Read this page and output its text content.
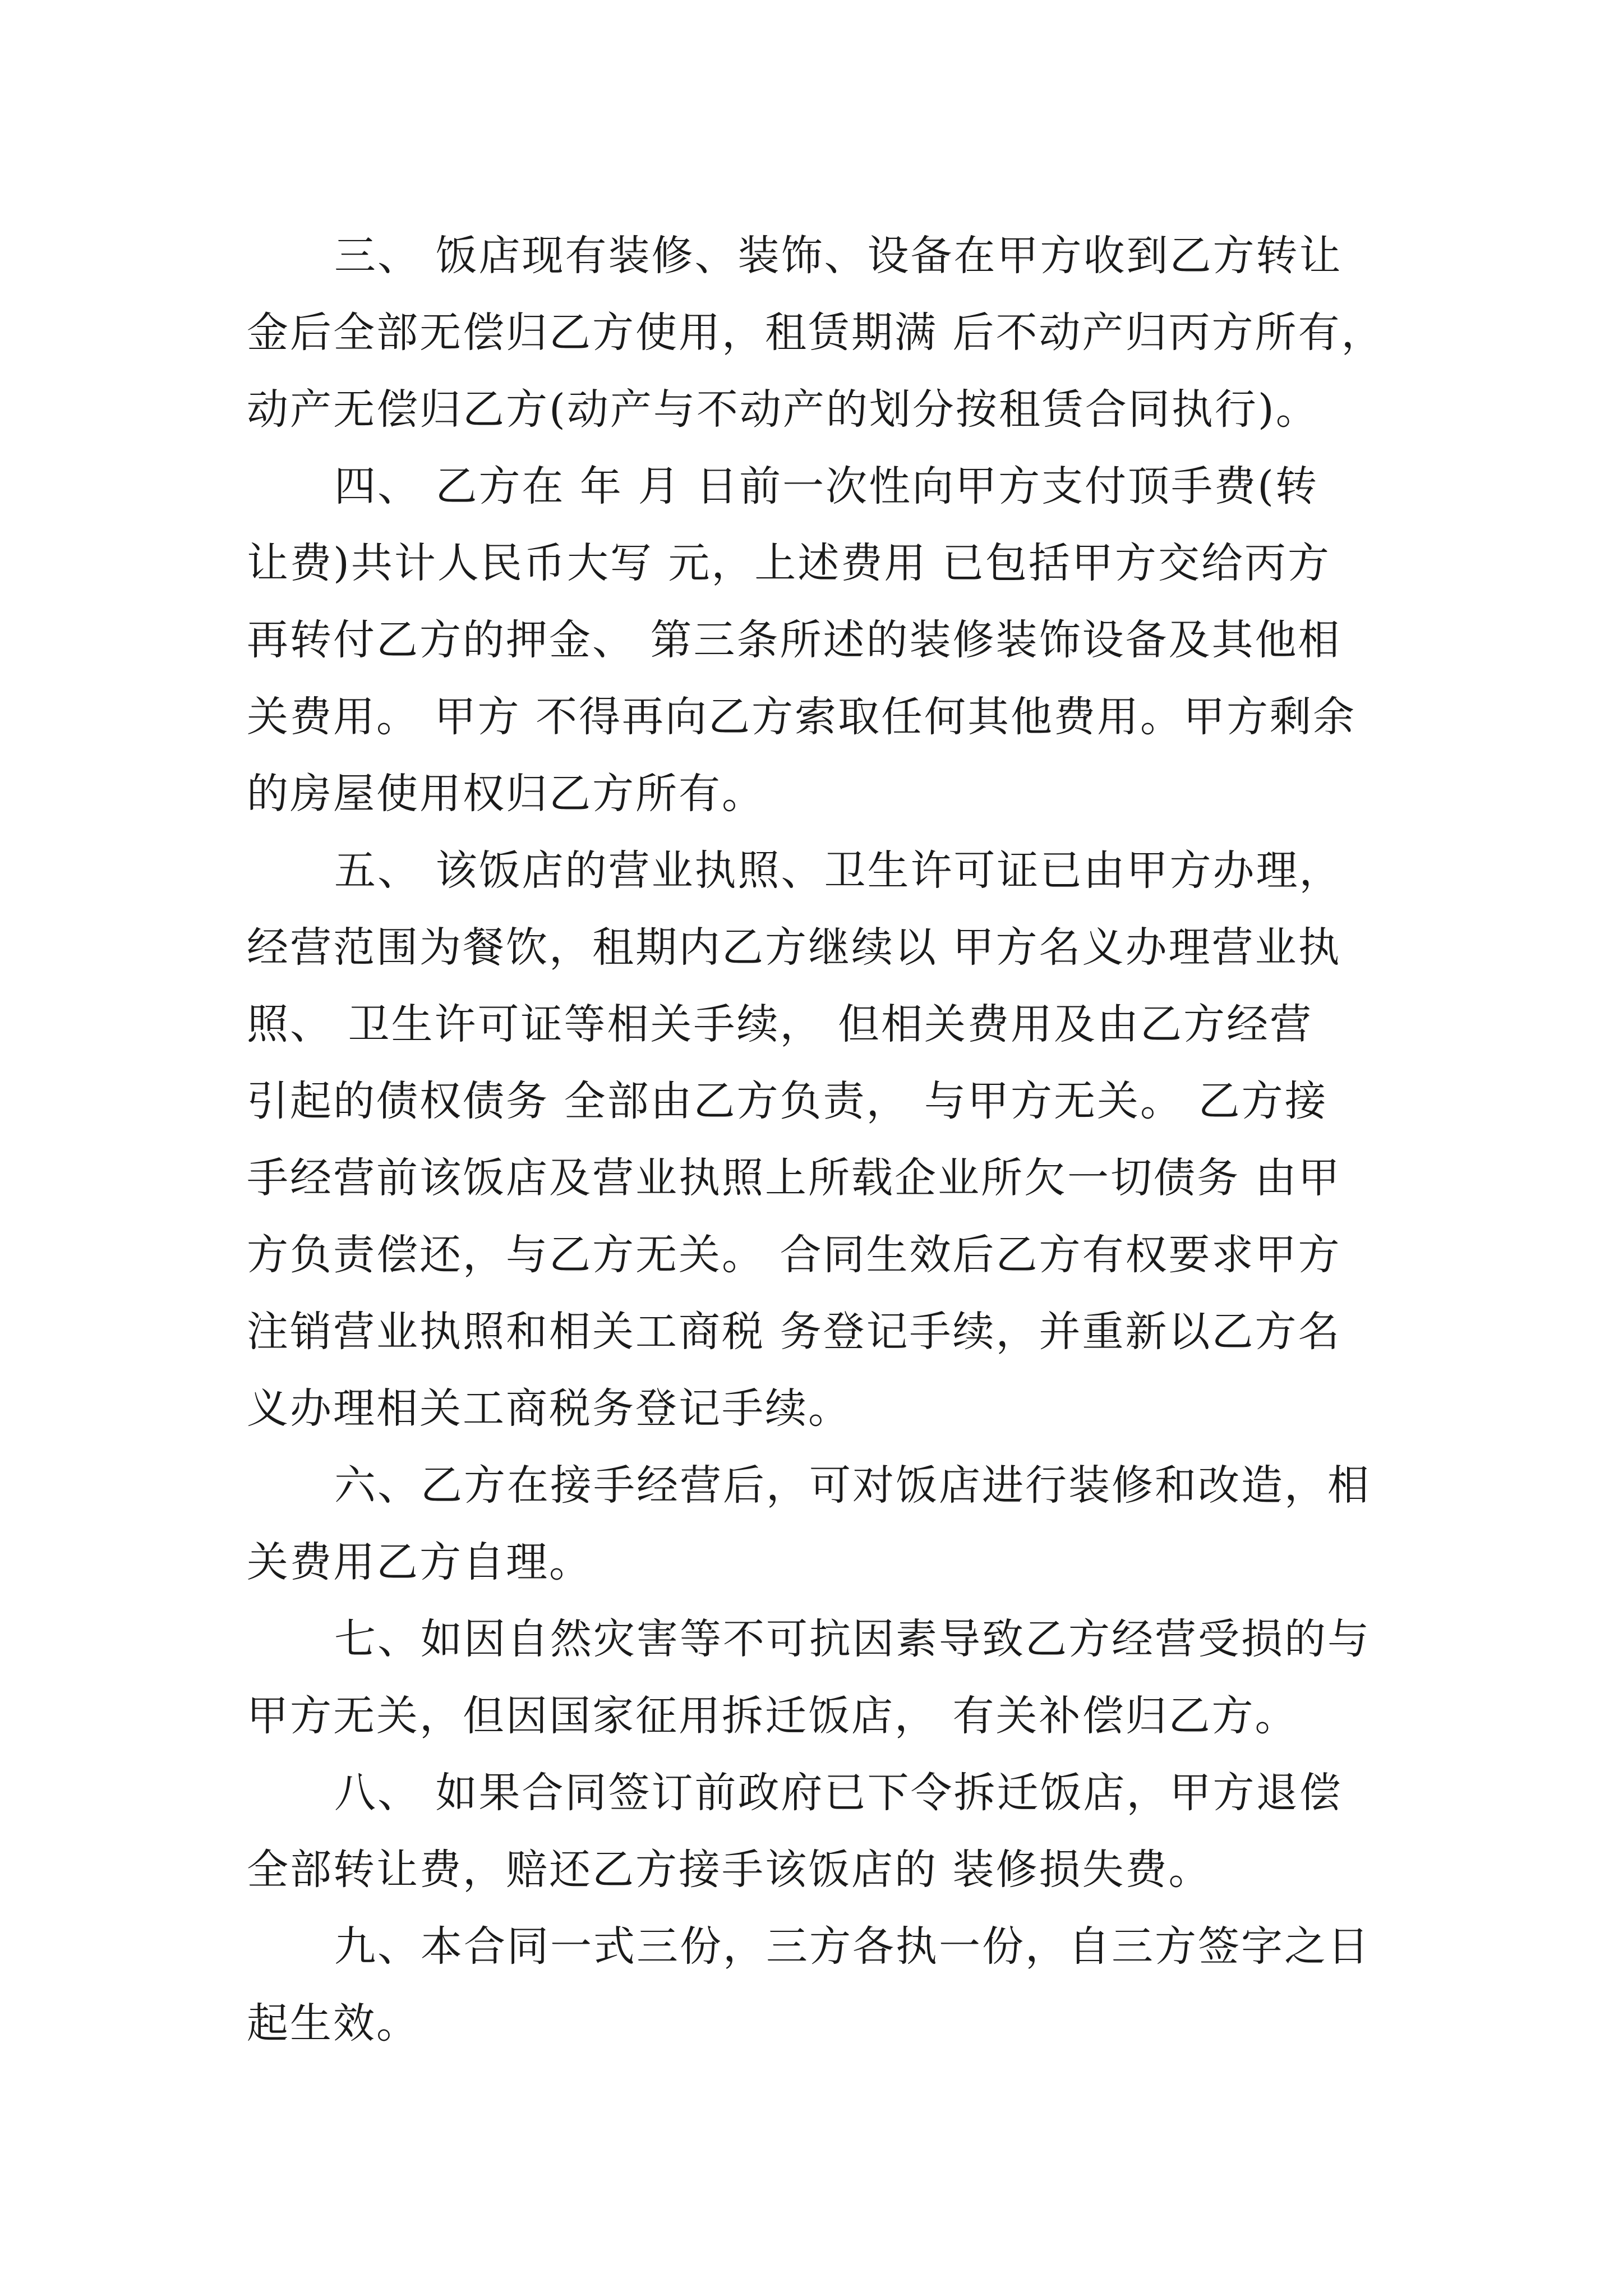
三、 饭店现有装修、装饰、设备在甲方收到乙方转让
金后全部无偿归乙方使用，租赁期满 后不动产归丙方所有，
动产无偿归乙方(动产与不动产的划分按租赁合同执行)。
四、 乙方在 年 月 日前一次性向甲方支付顶手费(转
让费)共计人民币大写 元，上述费用 已包括甲方交给丙方
再转付乙方的押金、 第三条所述的装修装饰设备及其他相
关费用。 甲方 不得再向乙方索取任何其他费用。甲方剩余
的房屋使用权归乙方所有。
五、 该饭店的营业执照、卫生许可证已由甲方办理，
经营范围为餐饮，租期内乙方继续以 甲方名义办理营业执
照、 卫生许可证等相关手续， 但相关费用及由乙方经营
引起的债权债务 全部由乙方负责， 与甲方无关。 乙方接
手经营前该饭店及营业执照上所载企业所欠一切债务 由甲
方负责偿还，与乙方无关。 合同生效后乙方有权要求甲方
注销营业执照和相关工商税 务登记手续，并重新以乙方名
义办理相关工商税务登记手续。
六、乙方在接手经营后，可对饭店进行装修和改造，相
关费用乙方自理。
七、如因自然灾害等不可抗因素导致乙方经营受损的与
甲方无关，但因国家征用拆迁饭店， 有关补偿归乙方。
八、 如果合同签订前政府已下令拆迁饭店，甲方退偿
全部转让费，赔还乙方接手该饭店的 装修损失费。
九、本合同一式三份，三方各执一份，自三方签字之日
起生效。
